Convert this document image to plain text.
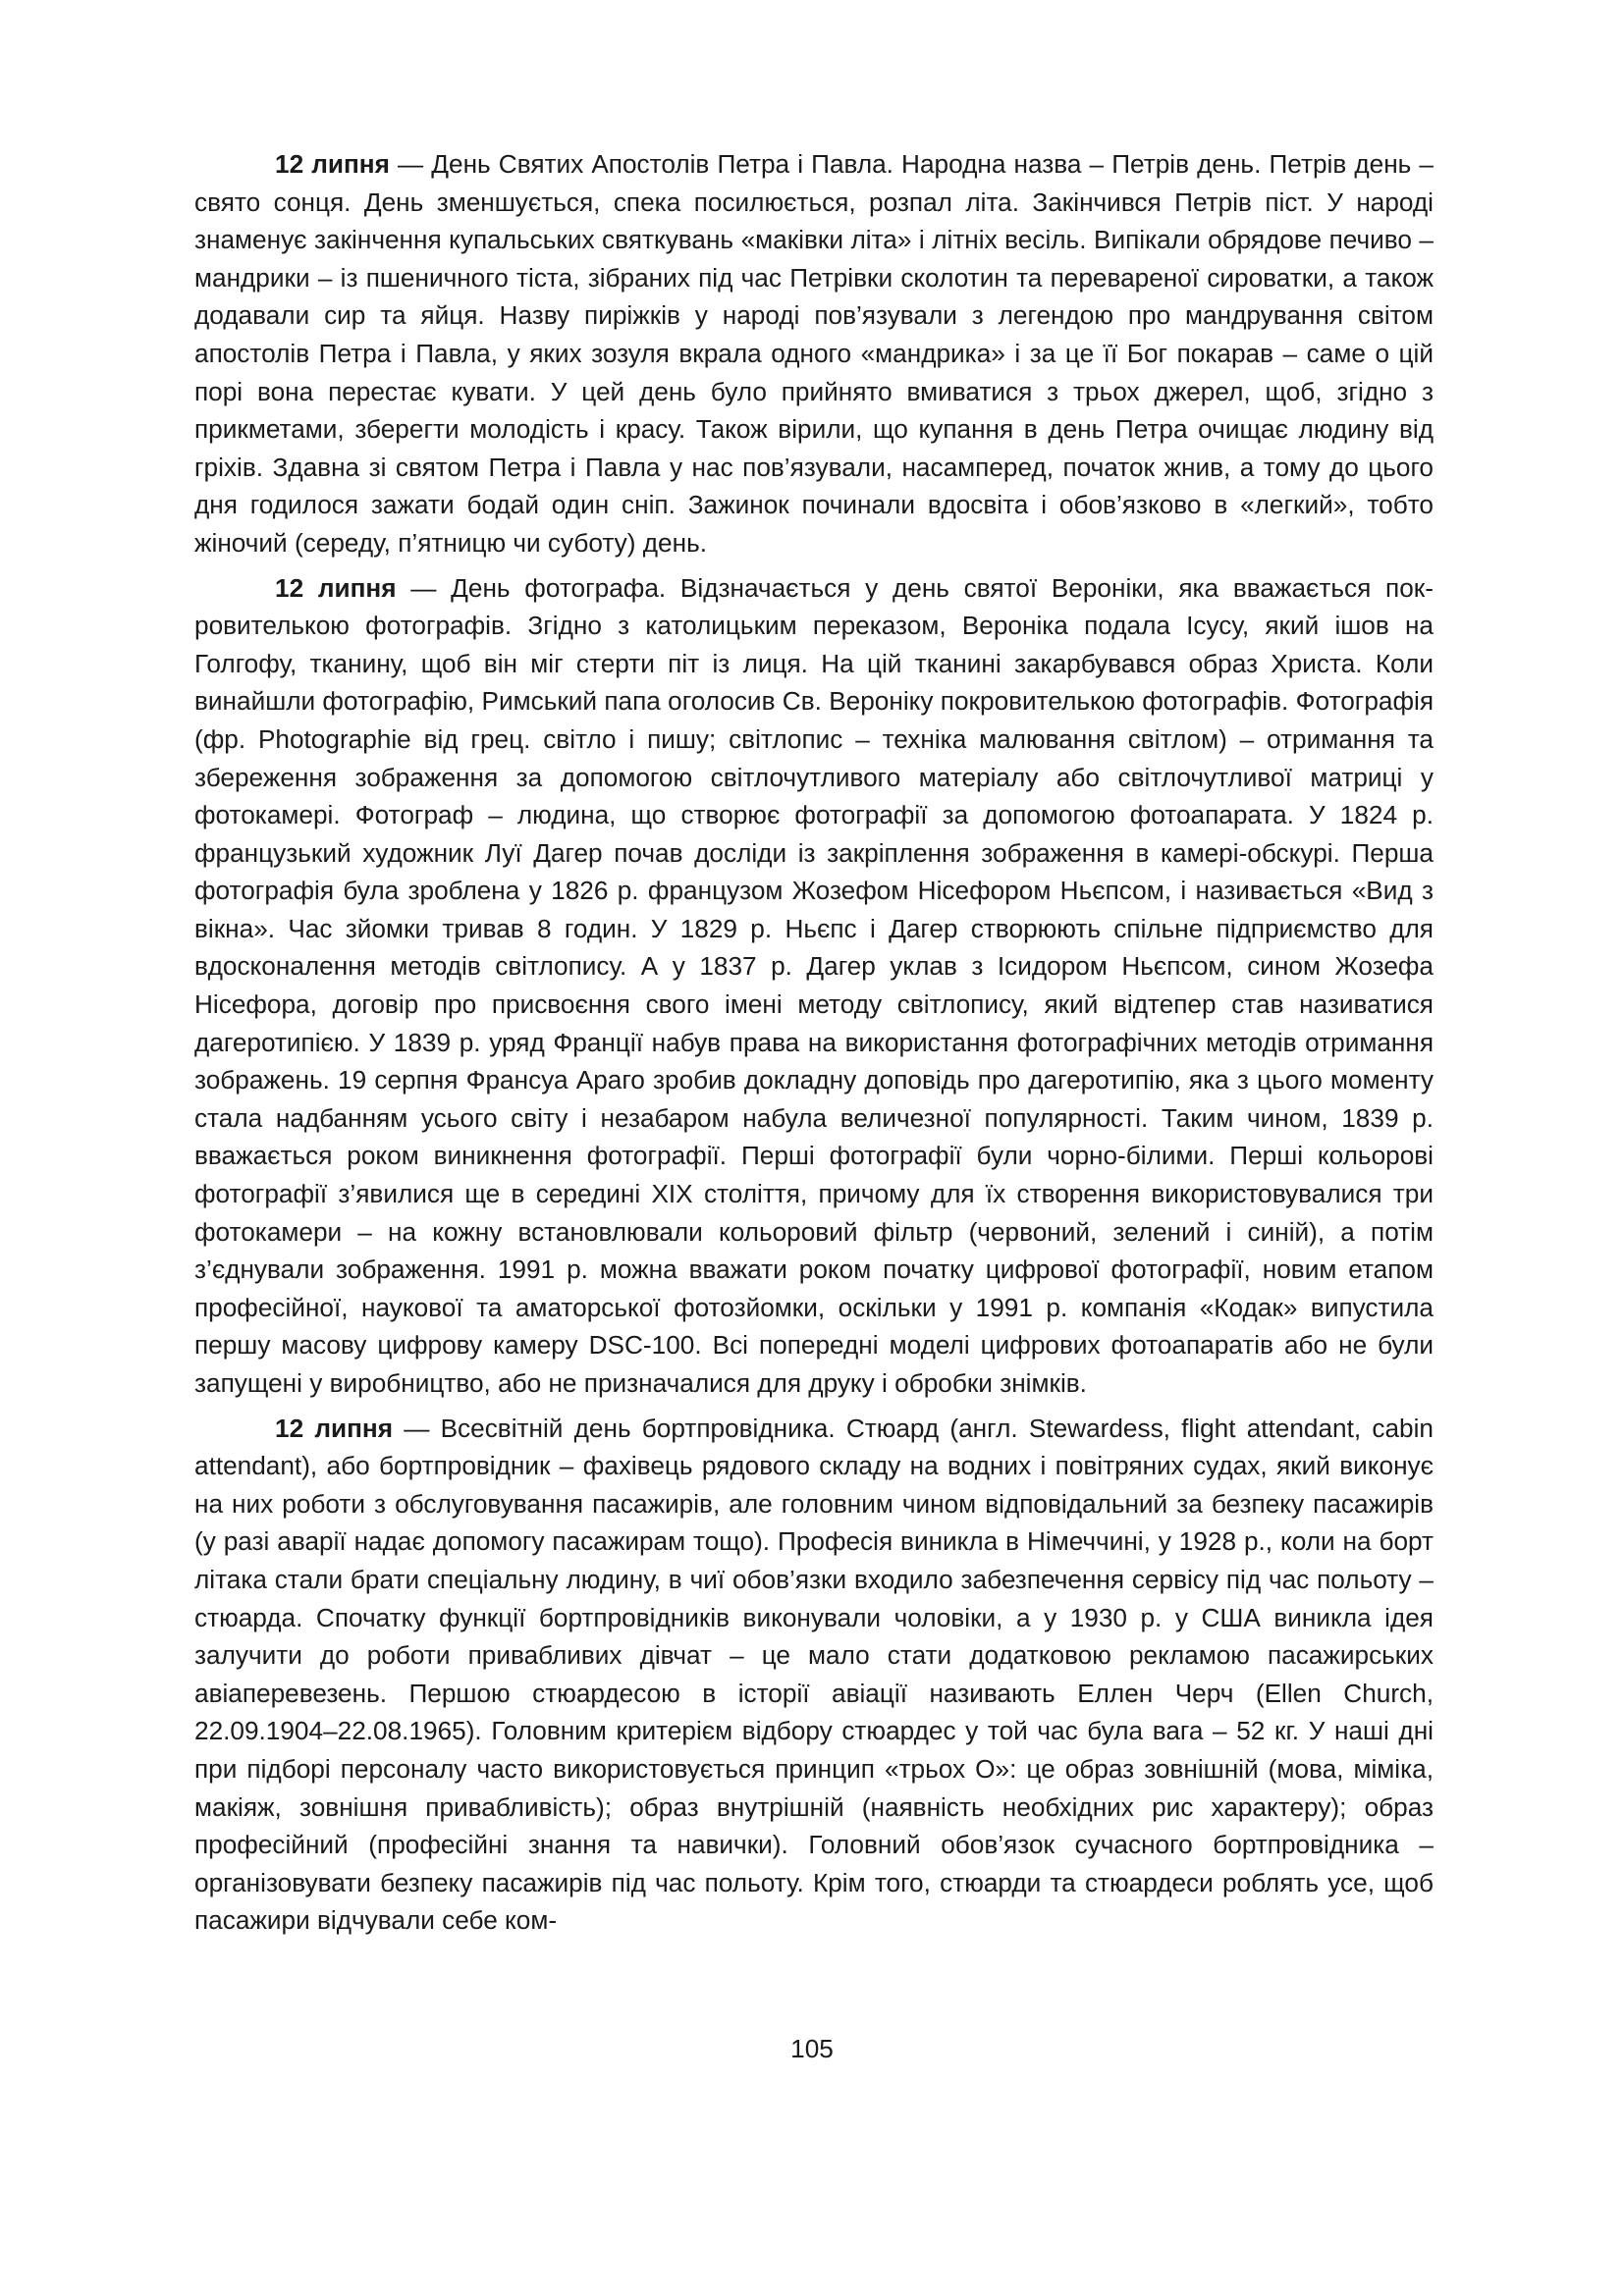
12 липня — День Святих Апостолів Петра і Павла. Народна назва – Петрів день. Петрів день – свято сонця. День зменшується, спека посилюється, розпал літа. Закінчився Петрів піст. У народі знаменує закінчення купальських святкувань «маківки літа» і літніх весіль. Випікали обрядове печиво – мандрики – із пшеничного тіста, зібраних під час Петрівки сколотин та перевареної сироватки, а також додавали сир та яйця. Назву пиріжків у народі пов’язували з легендою про мандрування світом апостолів Петра і Павла, у яких зозуля вкрала одного «мандрика» і за це її Бог покарав – саме о цій порі вона перестає кувати. У цей день було прийнято вмиватися з трьох джерел, щоб, згідно з прикметами, зберегти молодість і красу. Також вірили, що купання в день Петра очищає людину від гріхів. Здавна зі святом Петра і Павла у нас пов’язували, насамперед, початок жнив, а тому до цього дня годилося зажати бодай один сніп. Зажинок починали вдосвіта і обов’язково в «легкий», тобто жіночий (середу, п’ятницю чи суботу) день.

12 липня — День фотографа. Відзначається у день святої Вероніки, яка вважається покровителькою фотографів. Згідно з католицьким переказом, Вероніка подала Ісусу, який ішов на Голгофу, тканину, щоб він міг стерти піт із лиця. На цій тканині закарбувався образ Христа. Коли винайшли фотографію, Римський папа оголосив Св. Вероніку покровителькою фотографів. Фотографія (фр. Photographie від грец. світло і пишу; світлопис – техніка малювання світлом) – отримання та збереження зображення за допомогою світлочутливого матеріалу або світлочутливої матриці у фотокамері. Фотограф – людина, що створює фотографії за допомогою фотоапарата. У 1824 р. французький художник Луї Дагер почав досліди із закріплення зображення в камері-обскурі. Перша фотографія була зроблена у 1826 р. французом Жозефом Нісефором Ньєпсом, і називається «Вид з вікна». Час зйомки тривав 8 годин. У 1829 р. Ньєпс і Дагер створюють спільне підприємство для вдосконалення методів світлопису. А у 1837 р. Дагер уклав з Ісидором Ньєпсом, сином Жозефа Нісефора, договір про присвоєння свого імені методу світлопису, який відтепер став називатися дагеротипією. У 1839 р. уряд Франції набув права на використання фотографічних методів отримання зображень. 19 серпня Франсуа Араго зробив докладну доповідь про дагеротипію, яка з цього моменту стала надбанням усього світу і незабаром набула величезної популярності. Таким чином, 1839 р. вважається роком виникнення фотографії. Перші фотографії були чорно-білими. Перші кольорові фотографії з’явилися ще в середині XIX століття, причому для їх створення використовувалися три фотокамери – на кожну встановлювали кольоровий фільтр (червоний, зелений і синій), а потім з’єднували зображення. 1991 р. можна вважати роком початку цифрової фотографії, новим етапом професійної, наукової та аматорської фотозйомки, оскільки у 1991 р. компанія «Кодак» випустила першу масову цифрову камеру DSC-100. Всі попередні моделі цифрових фотоапаратів або не були запущені у виробництво, або не призначалися для друку і обробки знімків.

12 липня — Всесвітній день бортпровідника. Стюард (англ. Stewardess, flight attendant, cabin attendant), або бортпровідник – фахівець рядового складу на водних і повітряних судах, який виконує на них роботи з обслуговування пасажирів, але головним чином відповідальний за безпеку пасажирів (у разі аварії надає допомогу пасажирам тощо). Професія виникла в Німеччині, у 1928 р., коли на борт літака стали брати спеціальну людину, в чиї обов’язки входило забезпечення сервісу під час польоту – стюарда. Спочатку функції бортпровідників виконували чоловіки, а у 1930 р. у США виникла ідея залучити до роботи привабливих дівчат – це мало стати додатковою рекламою пасажирських авіаперевезень. Першою стюардесою в історії авіації називають Еллен Черч (Ellen Church, 22.09.1904–22.08.1965). Головним критерієм відбору стюардес у той час була вага – 52 кг. У наші дні при підборі персоналу часто використовується принцип «трьох О»: це образ зовнішній (мова, міміка, макіяж, зовнішня привабливість); образ внутрішній (наявність необхідних рис характеру); образ професійний (професійні знання та навички). Головний обов’язок сучасного бортпровідника – організовувати безпеку пасажирів під час польоту. Крім того, стюарди та стюардеси роблять усе, щоб пасажири відчували себе ком-

105
